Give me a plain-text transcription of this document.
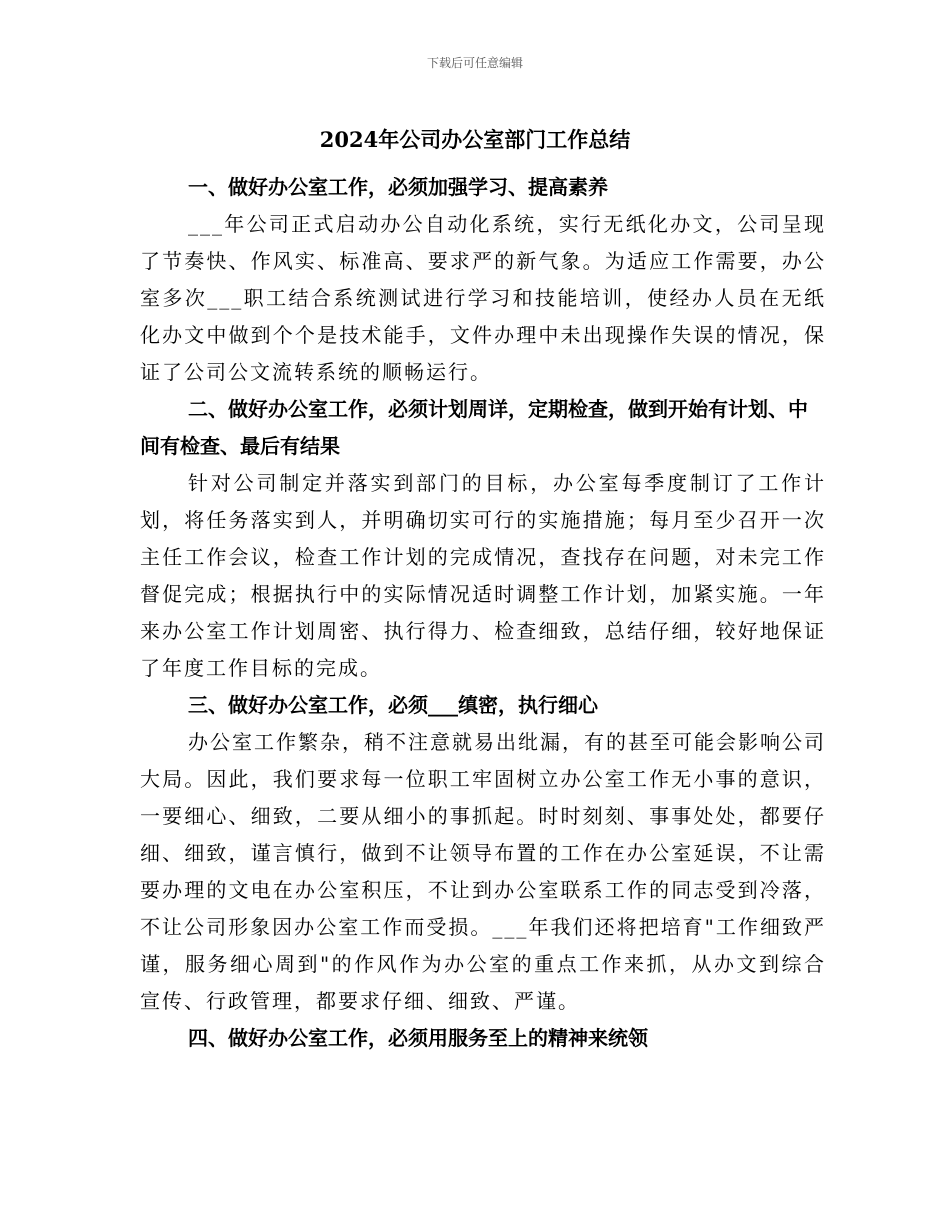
下载后可任意编辑
2024年公司办公室部门工作总结

一、做好办公室工作，必须加强学习、提高素养

___年公司正式启动办公自动化系统，实行无纸化办文，公司呈现了节奏快、作风实、标准高、要求严的新气象。为适应工作需要，办公室多次___职工结合系统测试进行学习和技能培训，使经办人员在无纸化办文中做到个个是技术能手，文件办理中未出现操作失误的情况，保证了公司公文流转系统的顺畅运行。

二、做好办公室工作，必须计划周详，定期检查，做到开始有计划、中间有检查、最后有结果

针对公司制定并落实到部门的目标，办公室每季度制订了工作计划，将任务落实到人，并明确切实可行的实施措施；每月至少召开一次主任工作会议，检查工作计划的完成情况，查找存在问题，对未完工作督促完成；根据执行中的实际情况适时调整工作计划，加紧实施。一年来办公室工作计划周密、执行得力、检查细致，总结仔细，较好地保证了年度工作目标的完成。

三、做好办公室工作，必须___缜密，执行细心

办公室工作繁杂，稍不注意就易出纰漏，有的甚至可能会影响公司大局。因此，我们要求每一位职工牢固树立办公室工作无小事的意识，一要细心、细致，二要从细小的事抓起。时时刻刻、事事处处，都要仔细、细致，谨言慎行，做到不让领导布置的工作在办公室延误，不让需要办理的文电在办公室积压，不让到办公室联系工作的同志受到冷落，不让公司形象因办公室工作而受损。___年我们还将把培育"工作细致严谨，服务细心周到"的作风作为办公室的重点工作来抓，从办文到综合宣传、行政管理，都要求仔细、细致、严谨。

四、做好办公室工作，必须用服务至上的精神来统领
